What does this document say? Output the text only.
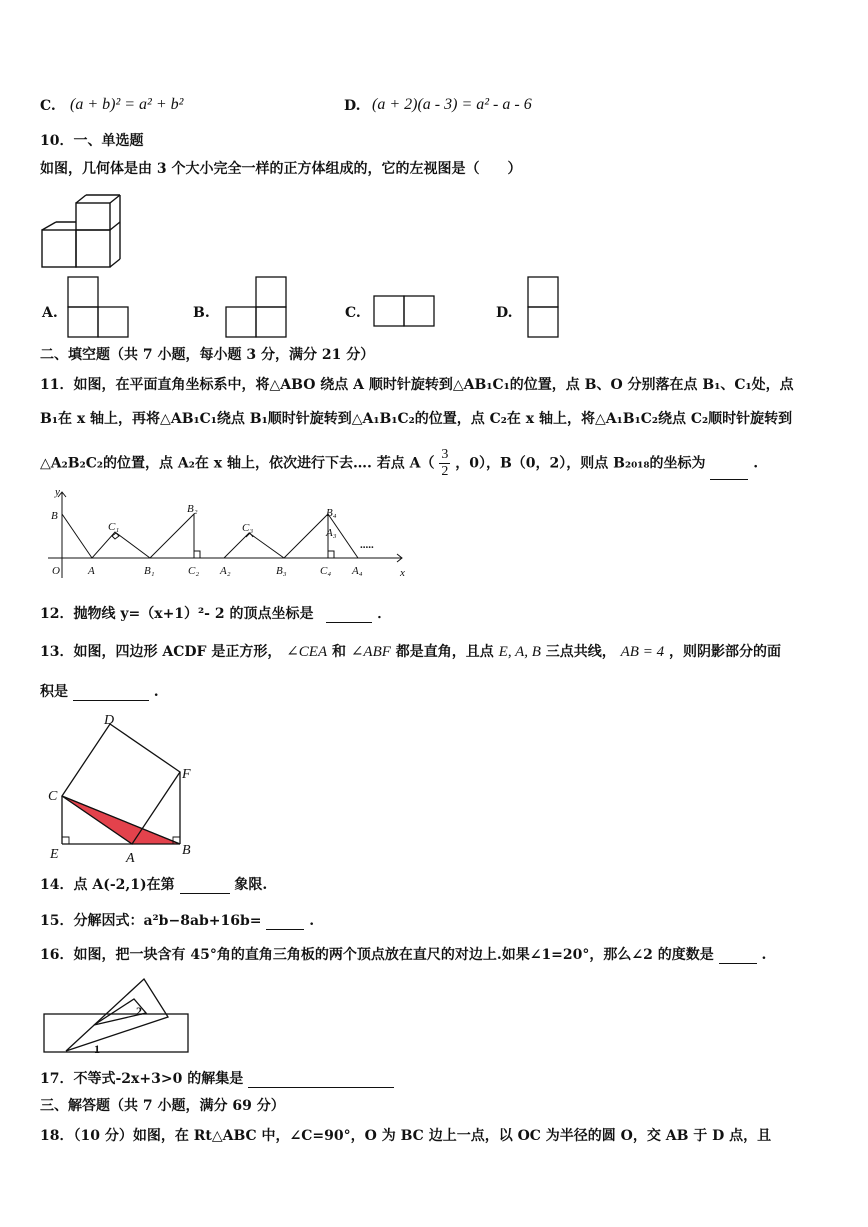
C. (a + b)² = a² + b²	D. (a + 2)(a - 3) = a² - a - 6
10．一、单选题
如图，几何体是由 3 个大小完全一样的正方体组成的，它的左视图是（　　）
A.	B.	C.	D.
二、填空题（共 7 小题，每小题 3 分，满分 21 分）
11．如图，在平面直角坐标系中，将△ABO 绕点 A 顺时针旋转到△AB₁C₁的位置，点 B、O 分别落在点 B₁、C₁处，点
B₁在 x 轴上，再将△AB₁C₁绕点 B₁顺时针旋转到△A₁B₁C₂的位置，点 C₂在 x 轴上，将△A₁B₁C₂绕点 C₂顺时针旋转到
△A₂B₂C₂的位置，点 A₂在 x 轴上，依次进行下去…. 若点 $A( \frac{3}{2}$ ，0），B（0，2），则点 B₂₀₁₈的坐标为	.
y
x
O
B
A
C₁
B₁
B₂
C₂ A₂
C₃
B₃
B₄
A₃
C₄ A₄
.....
12．抛物线 y=（x+1）²- 2 的顶点坐标是	．
13．如图，四边形 ACDF 是正方形， ∠CEA 和 ∠ABF 都是直角，且点 E, A, B 三点共线， AB = 4 ，则阴影部分的面
积是	.
D
F
C
E	A
B
14．点 A(-2,1)在第	象限.
15．分解因式：a²b−8ab+16b=	.
16．如图，把一块含有 45°角的直角三角板的两个顶点放在直尺的对边上.如果∠1=20°，那么∠2 的度数是	.
1
2
17．不等式-2x+3>0 的解集是
三、解答题（共 7 小题，满分 69 分）
18．（10 分）如图，在 Rt△ABC 中，∠C=90°，O 为 BC 边上一点，以 OC 为半径的圆 O，交 AB 于 D 点，且
